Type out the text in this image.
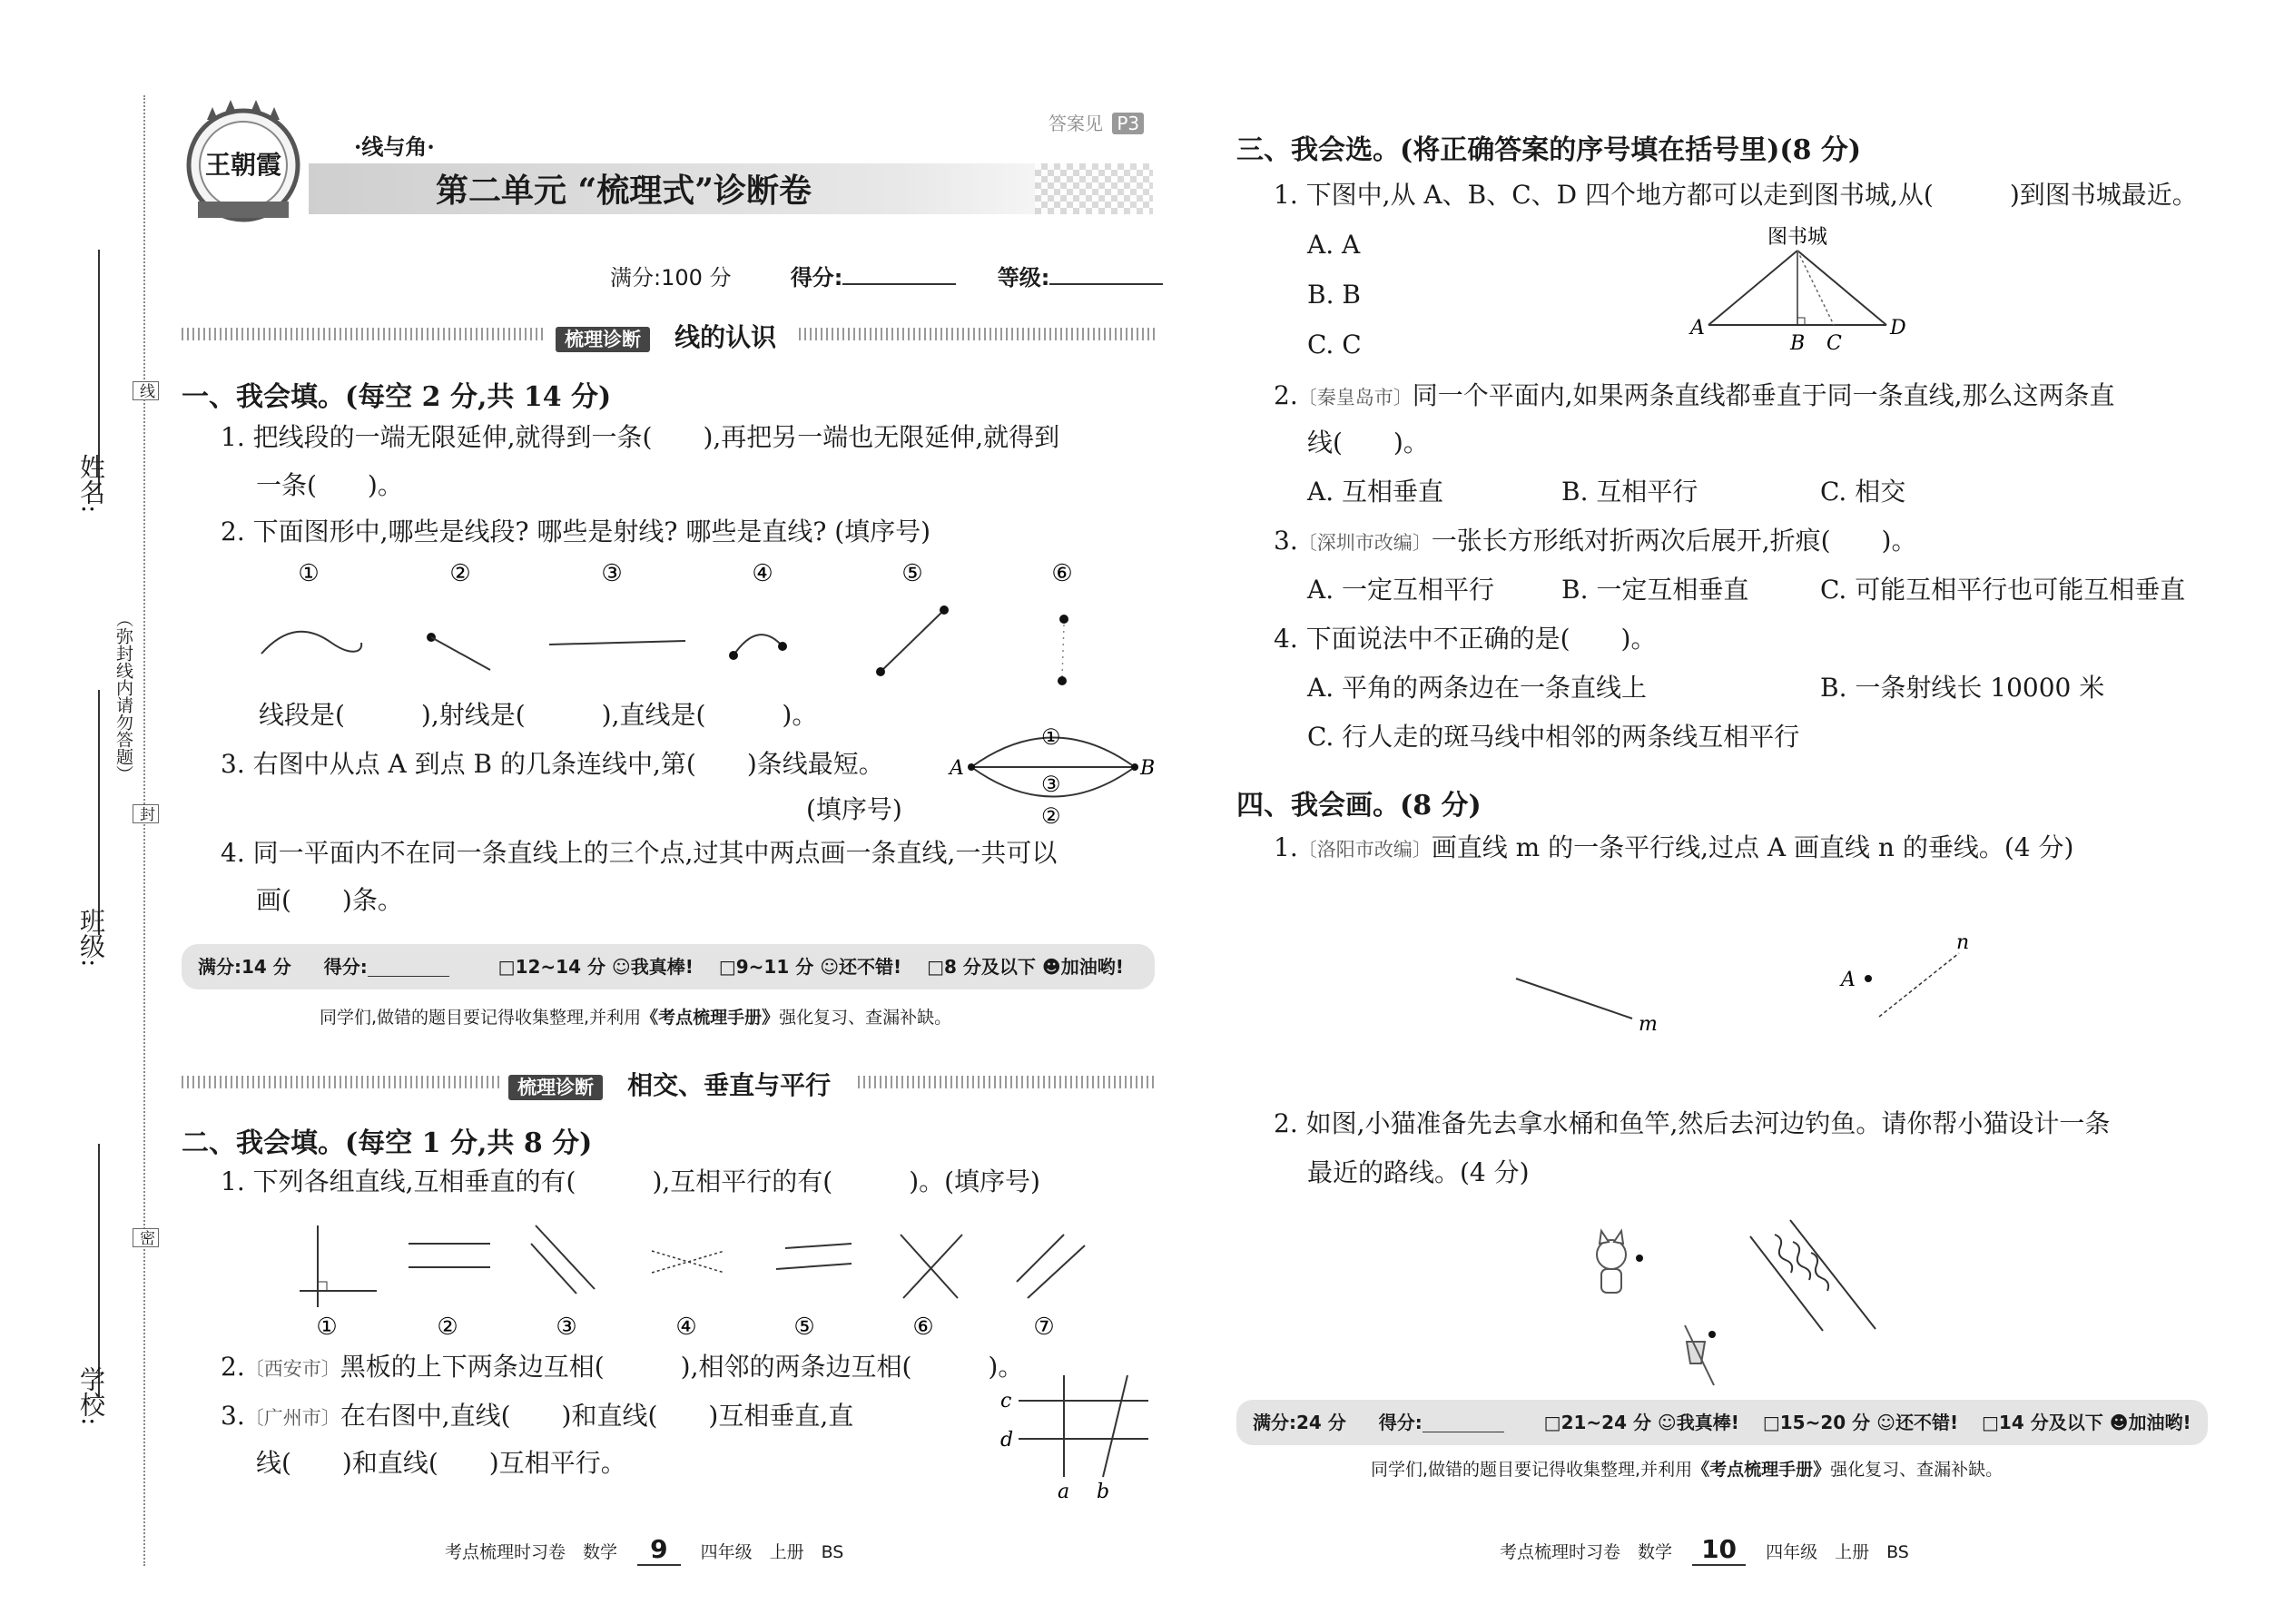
姓名:
班级:
学校:
（弥封线内请勿答题）
线
封
密
王朝霞
答案见 P3
·线与角·
第二单元 “梳理式”诊断卷
满分:100 分	得分:	等级:
梳理诊断 线的认识
一、我会填。(每空 2 分,共 14 分)
1. 把线段的一端无限延伸,就得到一条(　　),再把另一端也无限延伸,就得到
一条(　　)。
2. 下面图形中,哪些是线段? 哪些是射线? 哪些是直线? (填序号)
①	②	③	④	⑤	⑥
线段是(　　　),射线是(　　　),直线是(　　　)。
3. 右图中从点 A 到点 B 的几条连线中,第(　　)条线最短。
(填序号)
A	B
①
③
②
4. 同一平面内不在同一条直线上的三个点,过其中两点画一条直线,一共可以
画(　　)条。
满分:14 分 得分:	□12~14 分 ☺我真棒! □9~11 分 ☺还不错! □8 分及以下 ☻加油哟!
同学们,做错的题目要记得收集整理,并利用《考点梳理手册》强化复习、查漏补缺。
梳理诊断 相交、垂直与平行
二、我会填。(每空 1 分,共 8 分)
1. 下列各组直线,互相垂直的有(　　　),互相平行的有(　　　)。(填序号)
①	②	③	④	⑤	⑥	⑦
2.〔西安市〕黑板的上下两条边互相(　　　),相邻的两条边互相(　　　)。
3.〔广州市〕在右图中,直线(　　)和直线(　　)互相垂直,直
线(　　)和直线(　　)互相平行。
c
d
a b
考点梳理时习卷　数学 9 四年级　上册　BS
三、我会选。(将正确答案的序号填在括号里)(8 分)
1. 下图中,从 A、B、C、D 四个地方都可以走到图书城,从(　　　)到图书城最近。
A. A
B. B
C. C
图书城
A
B C
D
2.〔秦皇岛市〕同一个平面内,如果两条直线都垂直于同一条直线,那么这两条直
线(　　)。
A. 互相垂直	B. 互相平行	C. 相交
3.〔深圳市改编〕一张长方形纸对折两次后展开,折痕(　　)。
A. 一定互相平行	B. 一定互相垂直	C. 可能互相平行也可能互相垂直
4. 下面说法中不正确的是(　　)。
A. 平角的两条边在一条直线上	B. 一条射线长 10000 米
C. 行人走的斑马线中相邻的两条线互相平行
四、我会画。(8 分)
1.〔洛阳市改编〕画直线 m 的一条平行线,过点 A 画直线 n 的垂线。(4 分)
m
A
n
2. 如图,小猫准备先去拿水桶和鱼竿,然后去河边钓鱼。请你帮小猫设计一条
最近的路线。(4 分)
满分:24 分 得分:	□21~24 分 ☺我真棒! □15~20 分 ☺还不错! □14 分及以下 ☻加油哟!
同学们,做错的题目要记得收集整理,并利用《考点梳理手册》强化复习、查漏补缺。
考点梳理时习卷　数学 10 四年级　上册　BS
